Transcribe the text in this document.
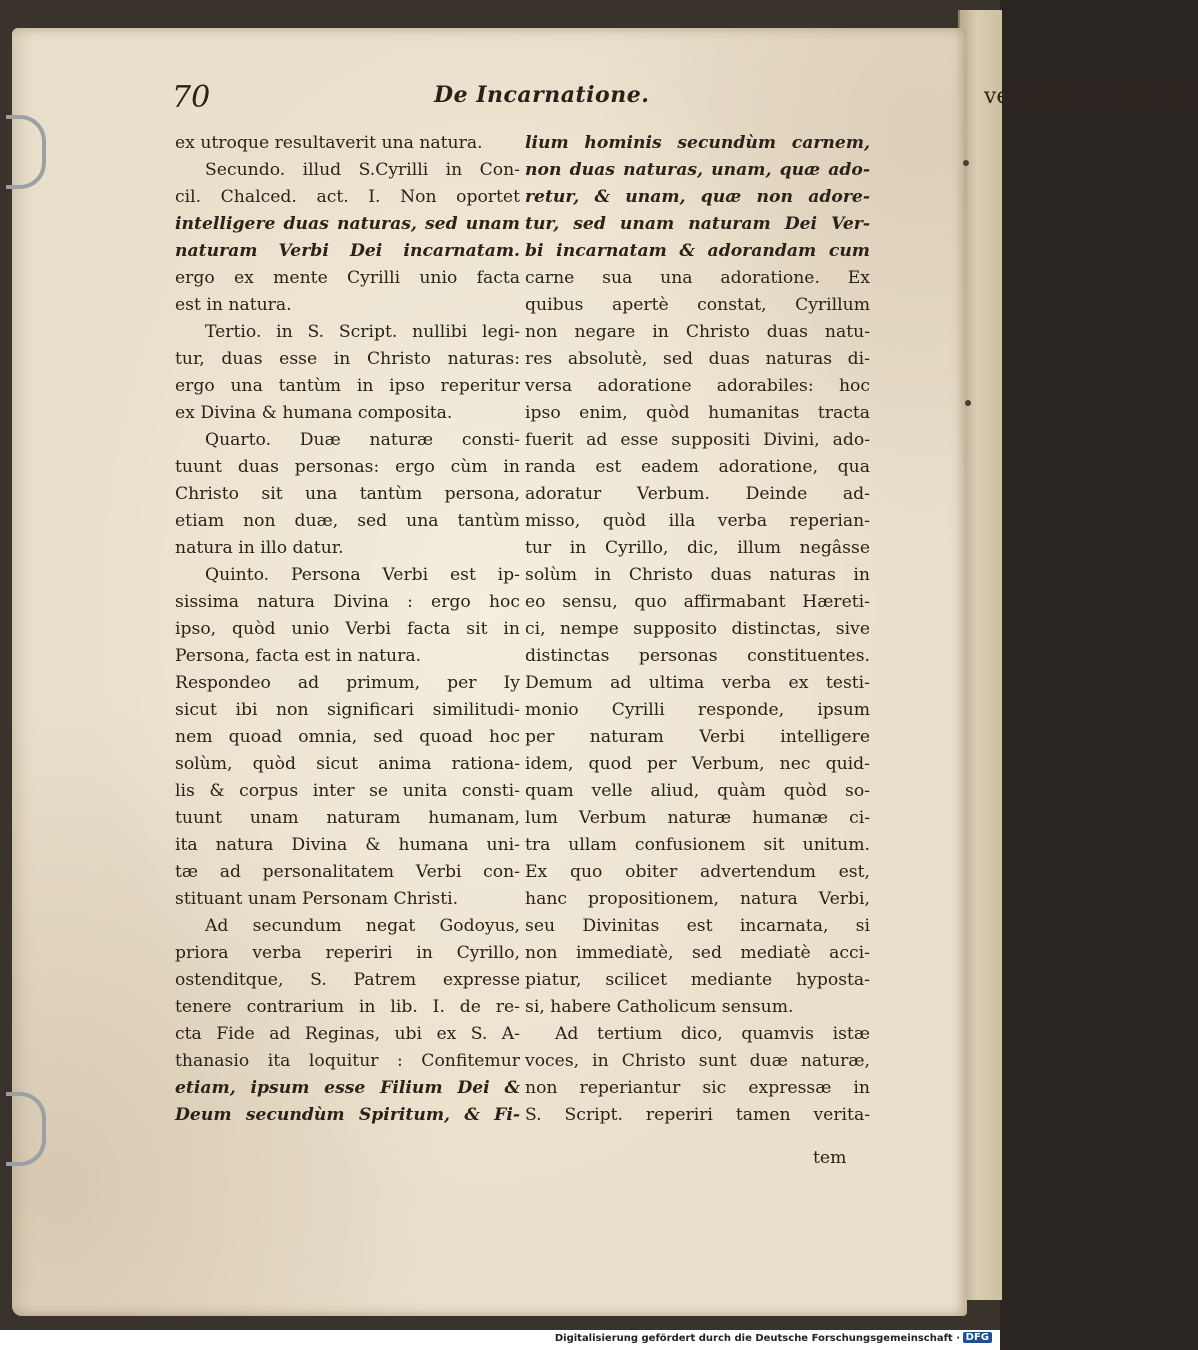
ver sam Ch oib ur f
70	De Incarnatione.
ex utroque resultaverit una natura.
Secundo. illud S.Cyrilli in Con-
cil. Chalced. act. I. Non oportet
intelligere duas naturas, sed unam
naturam Verbi Dei incarnatam.
ergo ex mente Cyrilli unio facta
est in natura.
Tertio. in S. Script. nullibi legi-
tur, duas esse in Christo naturas:
ergo una tantùm in ipso reperitur
ex Divina & humana composita.
Quarto. Duæ naturæ consti-
tuunt duas personas: ergo cùm in
Christo sit una tantùm persona,
etiam non duæ, sed una tantùm
natura in illo datur.
Quinto. Persona Verbi est ip-
sissima natura Divina : ergo hoc
ipso, quòd unio Verbi facta sit in
Persona, facta est in natura.
Respondeo ad primum, per Iy
sicut ibi non significari similitudi-
nem quoad omnia, sed quoad hoc
solùm, quòd sicut anima rationa-
lis & corpus inter se unita consti-
tuunt unam naturam humanam,
ita natura Divina & humana uni-
tæ ad personalitatem Verbi con-
stituant unam Personam Christi.
Ad secundum negat Godoyus,
priora verba reperiri in Cyrillo,
ostenditque, S. Patrem expresse
tenere contrarium in lib. I. de re-
cta Fide ad Reginas, ubi ex S. A-
thanasio ita loquitur : Confitemur
etiam, ipsum esse Filium Dei &
Deum secundùm Spiritum, & Fi-
lium hominis secundùm carnem,
non duas naturas, unam, quæ ado-
retur, & unam, quæ non adore-
tur, sed unam naturam Dei Ver-
bi incarnatam & adorandam cum
carne sua una adoratione. Ex
quibus apertè constat, Cyrillum
non negare in Christo duas natu-
res absolutè, sed duas naturas di-
versa adoratione adorabiles: hoc
ipso enim, quòd humanitas tracta
fuerit ad esse suppositi Divini, ado-
randa est eadem adoratione, qua
adoratur Verbum. Deinde ad-
misso, quòd illa verba reperian-
tur in Cyrillo, dic, illum negâsse
solùm in Christo duas naturas in
eo sensu, quo affirmabant Hæreti-
ci, nempe supposito distinctas, sive
distinctas personas constituentes.
Demum ad ultima verba ex testi-
monio Cyrilli responde, ipsum
per naturam Verbi intelligere
idem, quod per Verbum, nec quid-
quam velle aliud, quàm quòd so-
lum Verbum naturæ humanæ ci-
tra ullam confusionem sit unitum.
Ex quo obiter advertendum est,
hanc propositionem, natura Verbi,
seu Divinitas est incarnata, si
non immediatè, sed mediatè acci-
piatur, scilicet mediante hyposta-
si, habere Catholicum sensum.
Ad tertium dico, quamvis istæ
voces, in Christo sunt duæ naturæ,
non reperiantur sic expressæ in
S. Script. reperiri tamen verita-
tem
Digitalisierung gefördert durch die Deutsche Forschungsgemeinschaft · DFG
